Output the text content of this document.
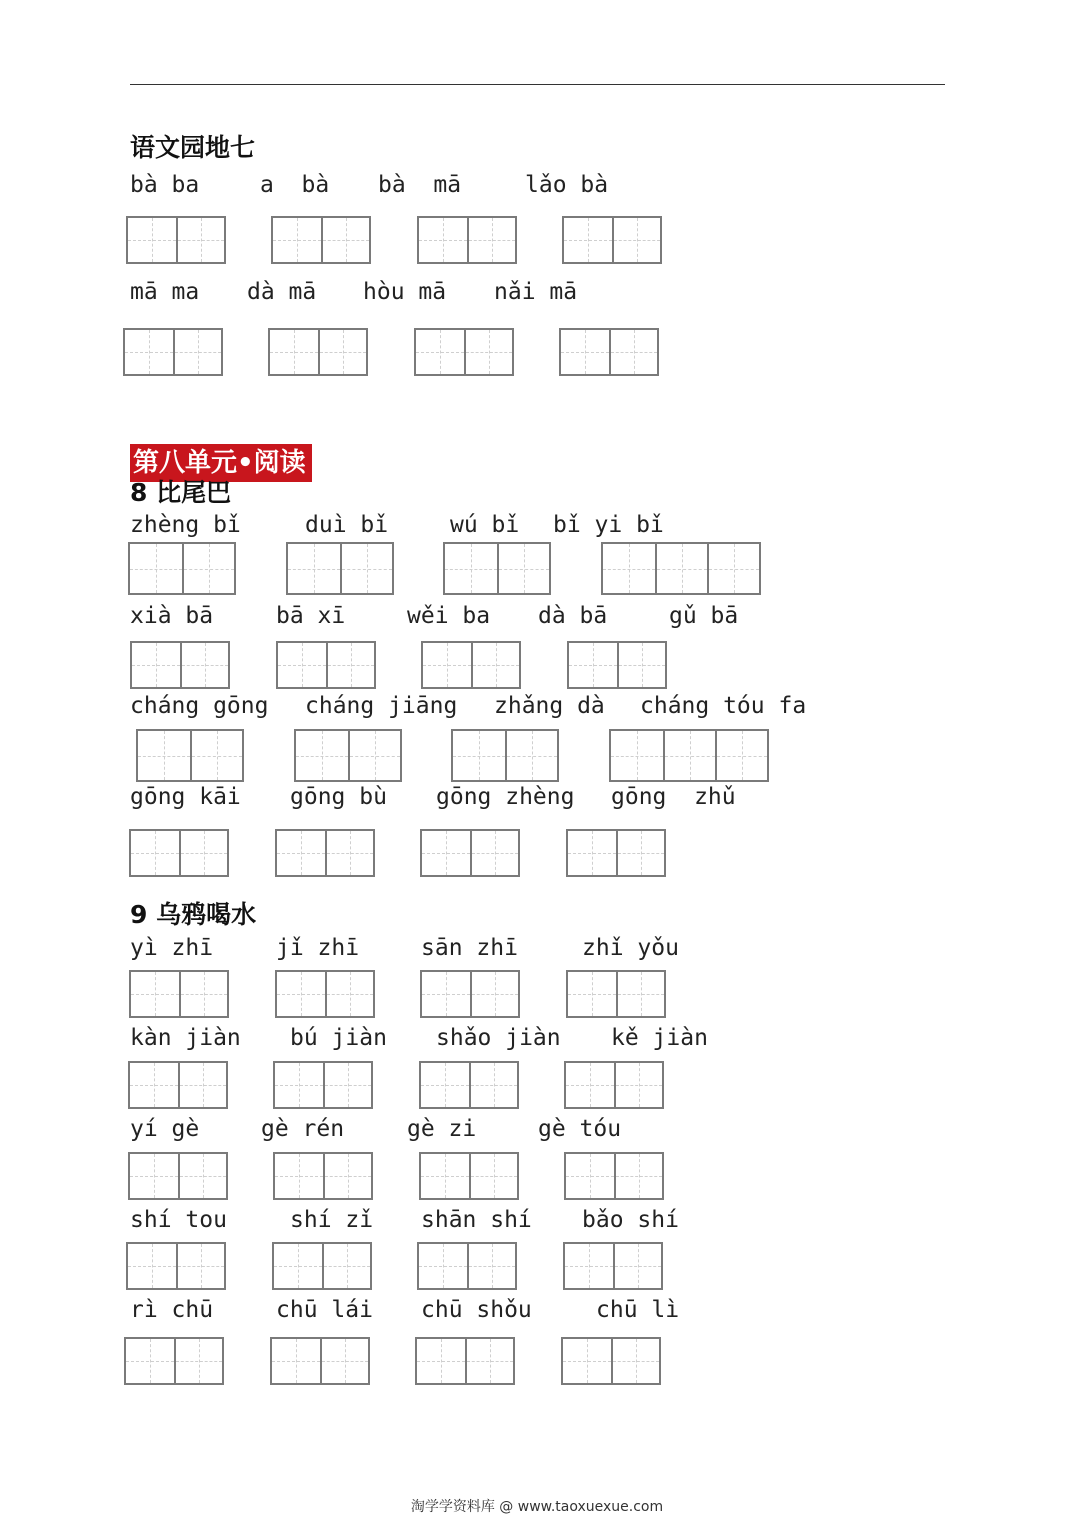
语文园地七
bà ba	a  bà bà  mā	lǎo bà
mā ma dà mā hòu mā nǎi mā
第八单元•阅读
8 比尾巴
zhèng bǐ	duì bǐ	wú bǐ bǐ yi bǐ
xià bā	bā xī	wěi ba dà bā	gǔ bā
cháng gōng cháng jiāng zhǎng dà cháng tóu fa
gōng kāi gōng bù gōng zhèng gōng  zhǔ
9 乌鸦喝水
yì zhī	jǐ zhī	sān zhī	zhǐ yǒu
kàn jiàn bú jiàn shǎo jiàn kě jiàn
yí gè	gè rén	gè zi	gè tóu
shí tou	shí zǐ shān shí bǎo shí
rì chū	chū lái chū shǒu	chū lì
淘学学资料库 @ www.taoxuexue.com
